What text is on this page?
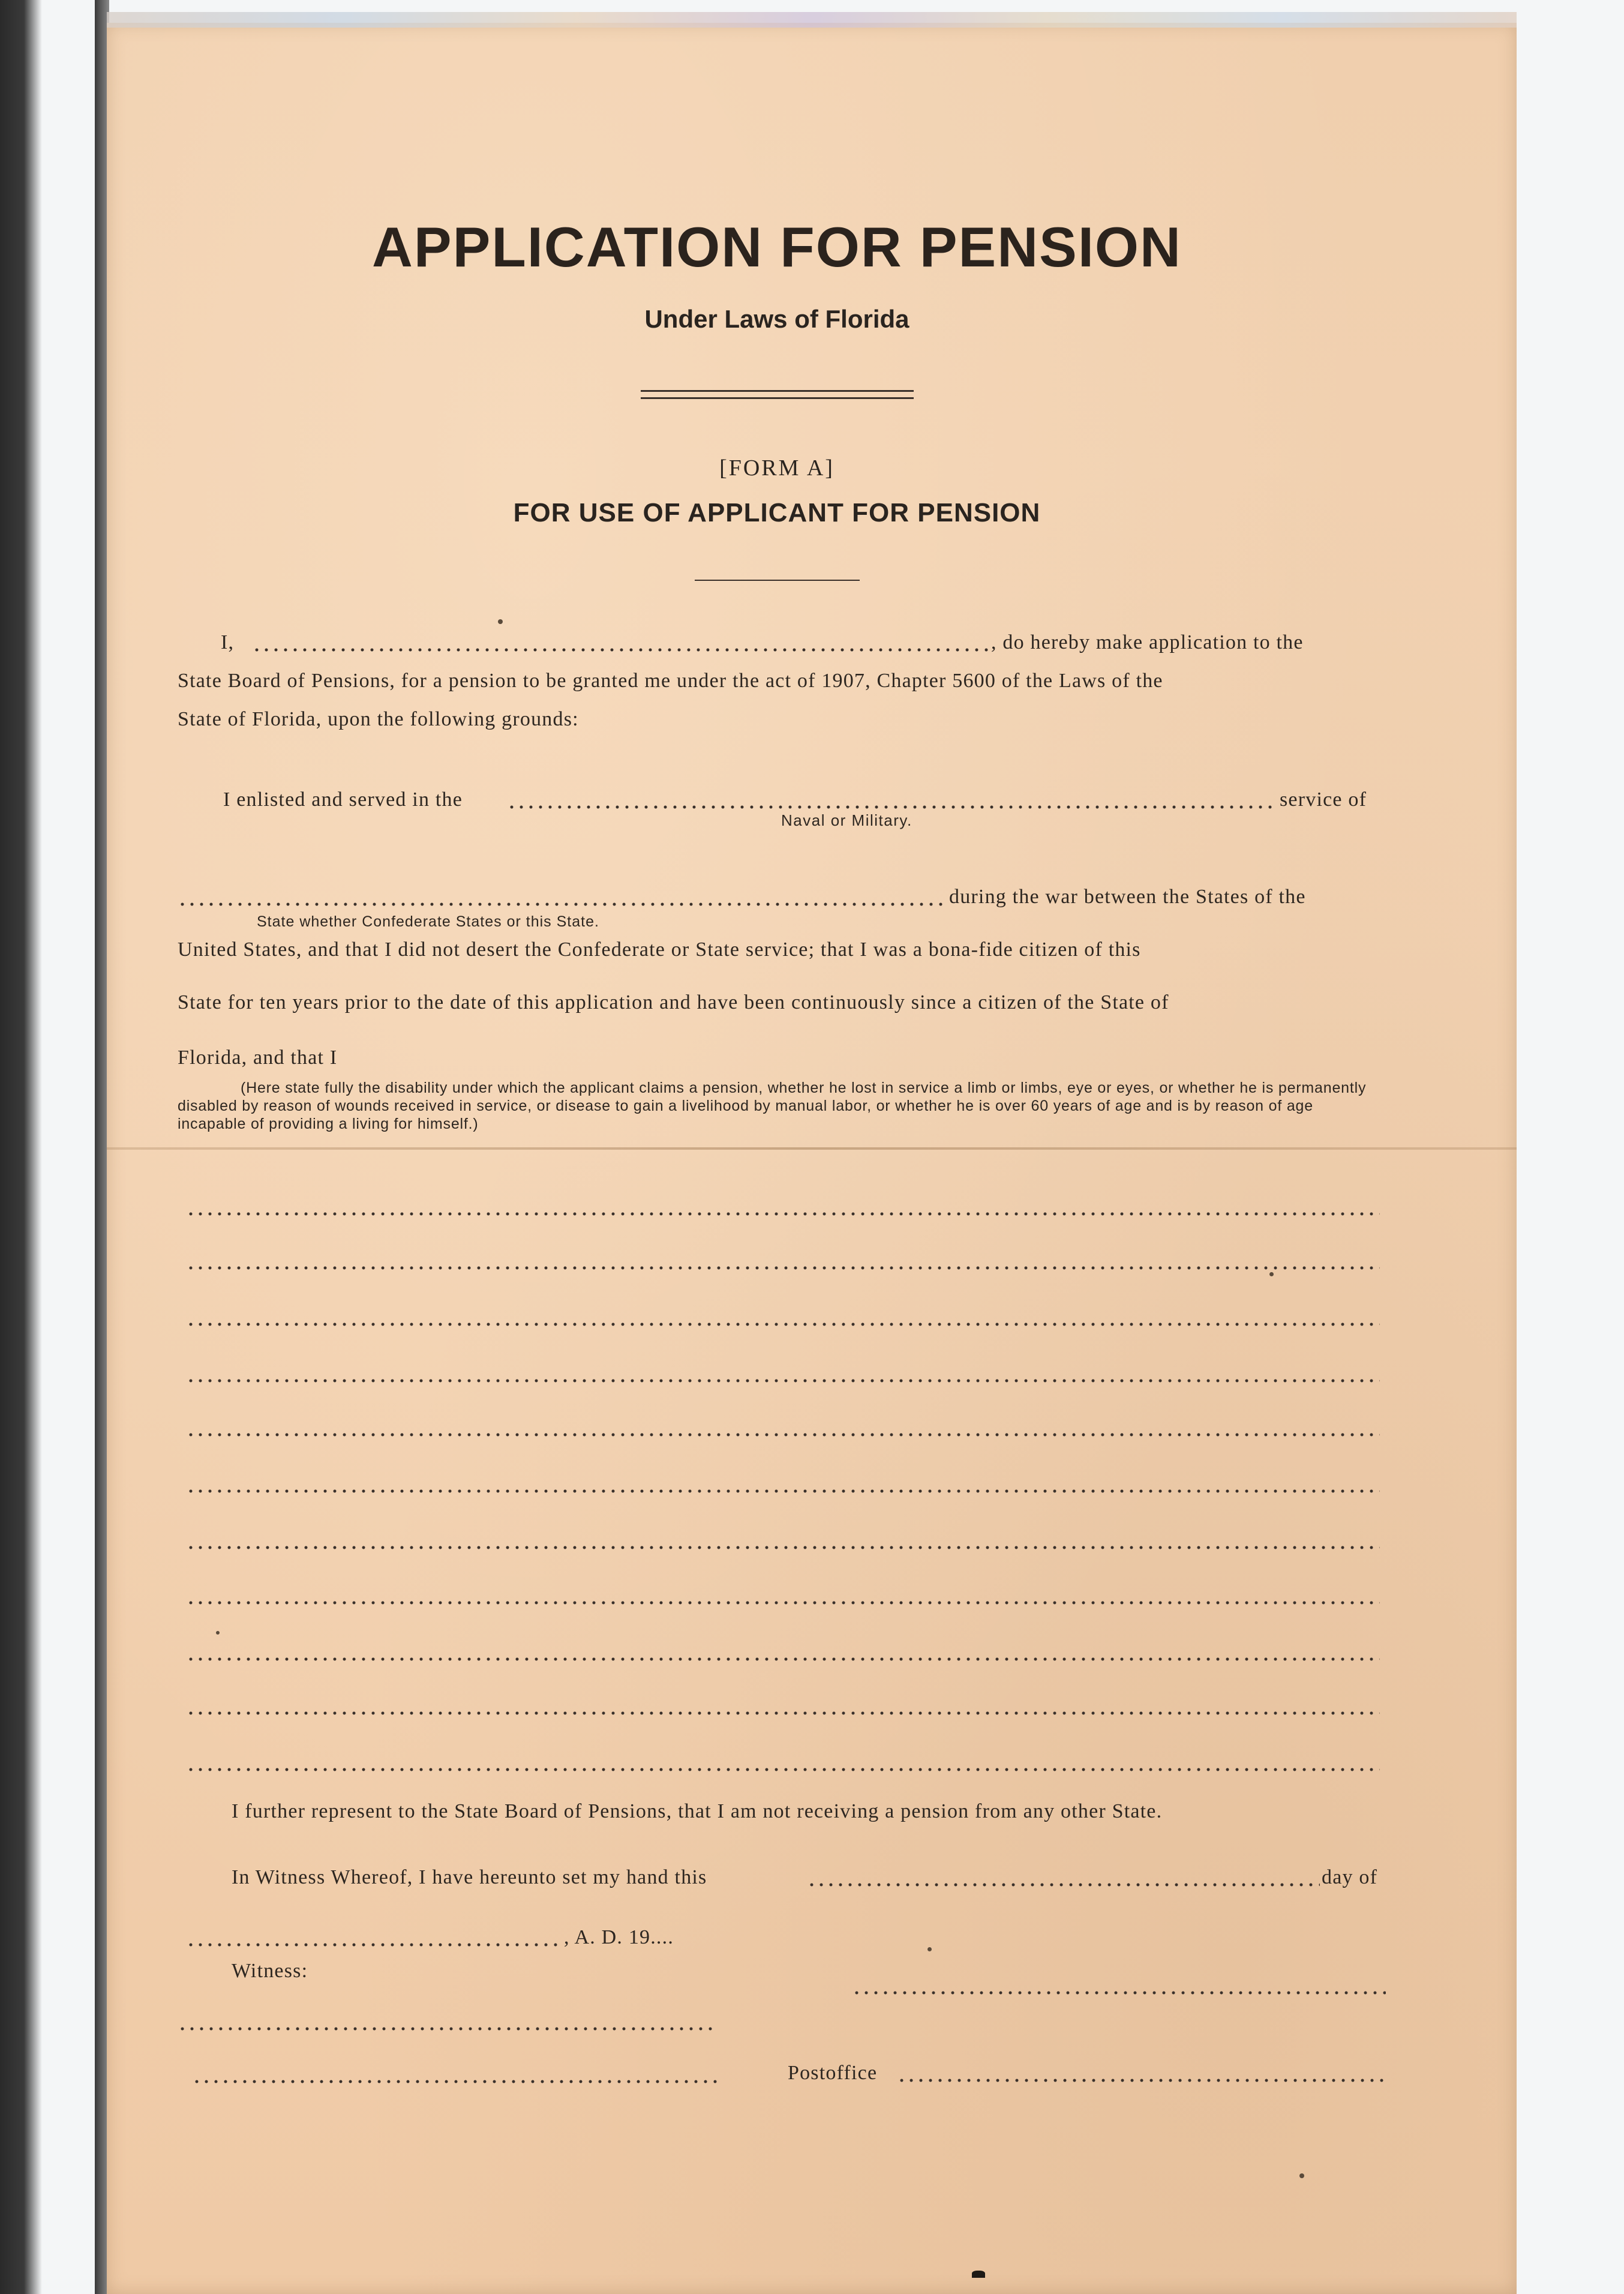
APPLICATION FOR PENSION
Under Laws of Florida
[FORM A]
FOR USE OF APPLICANT FOR PENSION
I,	, do hereby make application to the
State Board of Pensions, for a pension to be granted me under the act of 1907, Chapter 5600 of the Laws of the
State of Florida, upon the following grounds:
I enlisted and served in the	service of
Naval or Military.
during the war between the States of the
State whether Confederate States or this State.
United States, and that I did not desert the Confederate or State service; that I was a bona-fide citizen of this
State for ten years prior to the date of this application and have been continuously since a citizen of the State of
Florida, and that I
(Here state fully the disability under which the applicant claims a pension, whether he lost in service a limb or limbs, eye or eyes, or whether he is permanently disabled by reason of wounds received in service, or disease to gain a livelihood by manual labor, or whether he is over 60 years of age and is by reason of age incapable of providing a living for himself.)
I further represent to the State Board of Pensions, that I am not receiving a pension from any other State.
In Witness Whereof, I have hereunto set my hand this	day of
, A. D. 19....
Witness:
Postoffice
